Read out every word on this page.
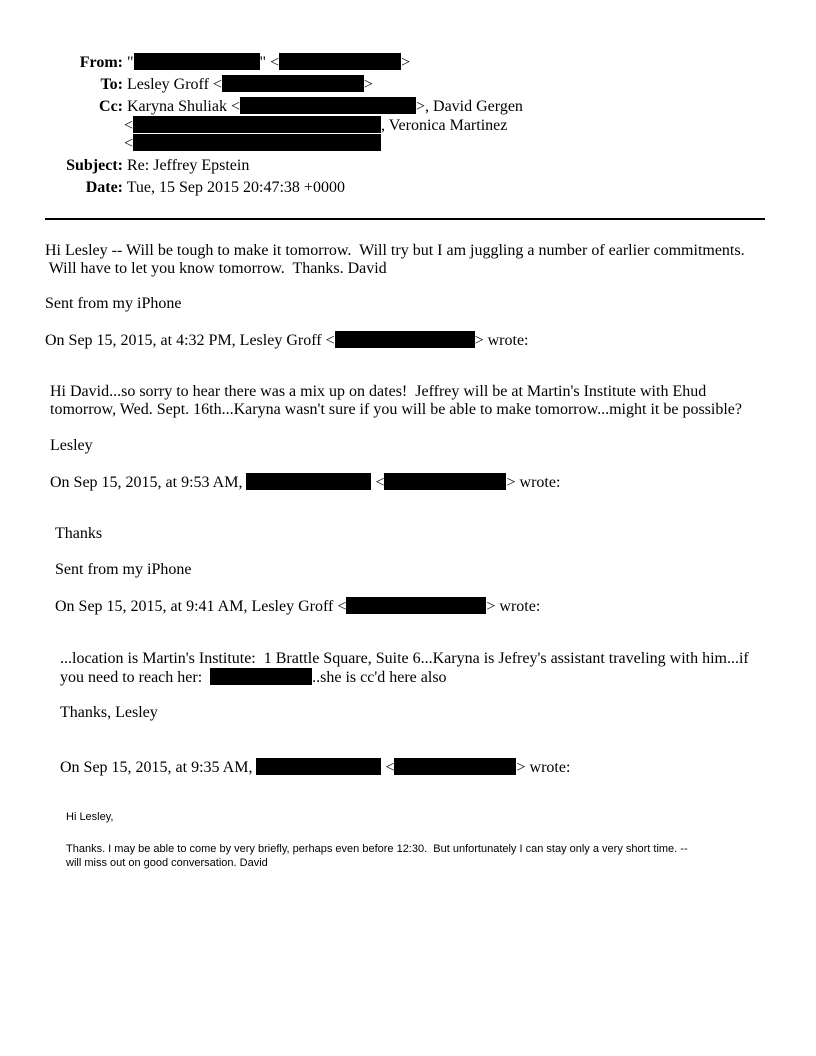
From: "	" <	>
To: Lesley Groff <	>
Cc: Karyna Shuliak <	>, David Gergen
<	, Veronica Martinez
<
Subject: Re: Jeffrey Epstein
Date: Tue, 15 Sep 2015 20:47:38 +0000
Hi Lesley -- Will be tough to make it tomorrow.  Will try but I am juggling a number of earlier commitments.
Will have to let you know tomorrow.  Thanks. David
Sent from my iPhone
On Sep 15, 2015, at 4:32 PM, Lesley Groff <	> wrote:
Hi David...so sorry to hear there was a mix up on dates!  Jeffrey will be at Martin's Institute with Ehud
tomorrow, Wed. Sept. 16th...Karyna wasn't sure if you will be able to make tomorrow...might it be possible?
Lesley
On Sep 15, 2015, at 9:53 AM,	<	> wrote:
Thanks
Sent from my iPhone
On Sep 15, 2015, at 9:41 AM, Lesley Groff <	> wrote:
...location is Martin's Institute:  1 Brattle Square, Suite 6...Karyna is Jefrey's assistant traveling with him...if
you need to reach her:	..she is cc'd here also
Thanks, Lesley
On Sep 15, 2015, at 9:35 AM,	<	> wrote:
Hi Lesley,
Thanks. I may be able to come by very briefly, perhaps even before 12:30.  But unfortunately I can stay only a very short time. --
will miss out on good conversation. David
